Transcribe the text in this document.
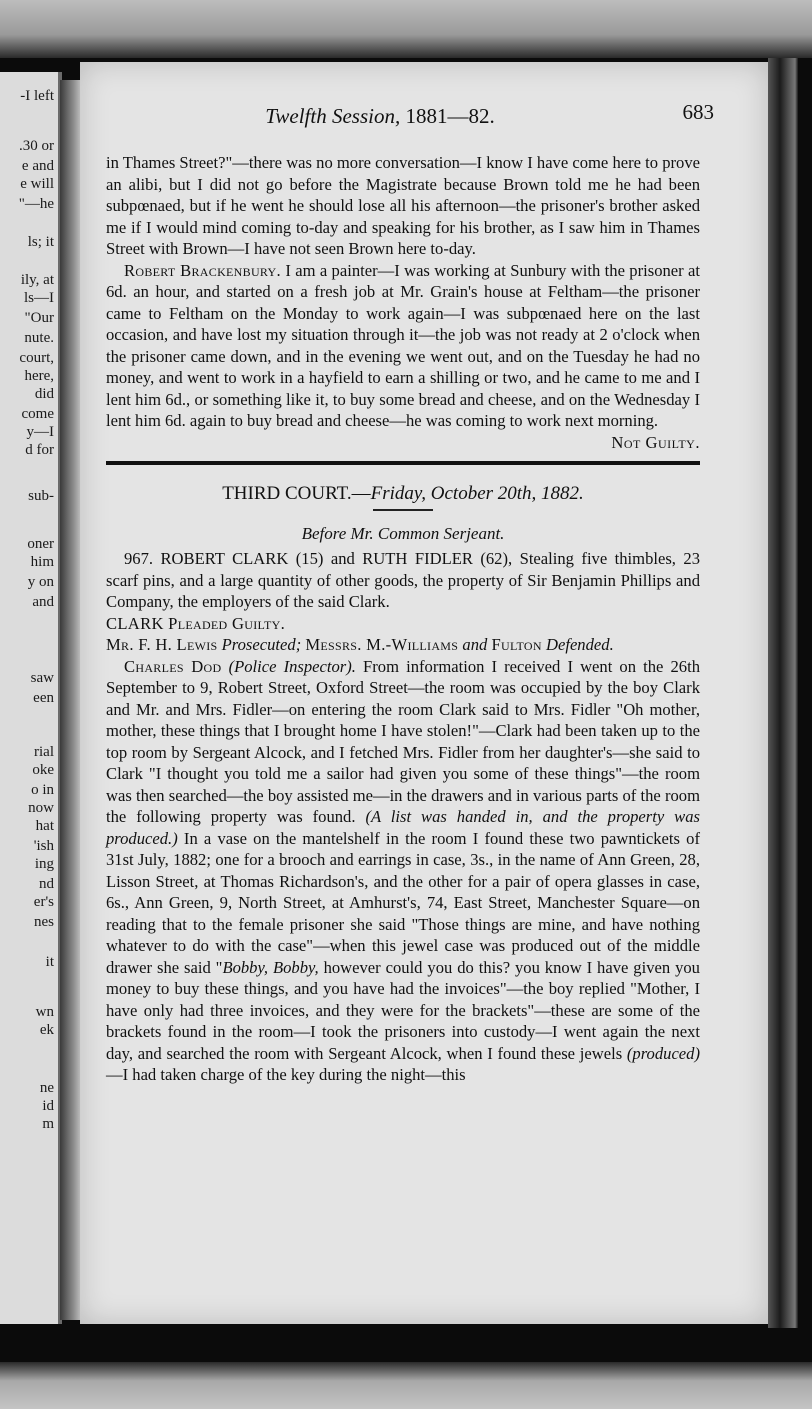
-I left
.30 or
e and
e will
"—he
ls; it
ily, at
ls—I
"Our
nute.
court,
here,
did
come
y—I
d for
sub-
oner
him
y on
and
saw
een
rial
oke
o in
now
hat
'ish
ing
nd
er's
nes
it
wn
ek
ne
id
m
Twelfth Session, 1881—82.	683

in Thames Street?"—there was no more conversation—I know I have come here to prove an alibi, but I did not go before the Magistrate because Brown told me he had been subpœnaed, but if he went he should lose all his afternoon—the prisoner's brother asked me if I would mind coming to-day and speaking for his brother, as I saw him in Thames Street with Brown—I have not seen Brown here to-day.

Robert Brackenbury. I am a painter—I was working at Sunbury with the prisoner at 6d. an hour, and started on a fresh job at Mr. Grain's house at Feltham—the prisoner came to Feltham on the Monday to work again—I was subpœnaed here on the last occasion, and have lost my situation through it—the job was not ready at 2 o'clock when the prisoner came down, and in the evening we went out, and on the Tuesday he had no money, and went to work in a hayfield to earn a shilling or two, and he came to me and I lent him 6d., or something like it, to buy some bread and cheese, and on the Wednesday I lent him 6d. again to buy bread and cheese—he was coming to work next morning.

Not Guilty.

THIRD COURT.—Friday, October 20th, 1882.
Before Mr. Common Serjeant.

967. ROBERT CLARK (15) and RUTH FIDLER (62), Stealing five thimbles, 23 scarf pins, and a large quantity of other goods, the property of Sir Benjamin Phillips and Company, the employers of the said Clark.

CLARK Pleaded Guilty.

Mr. F. H. Lewis Prosecuted; Messrs. M.-Williams and Fulton Defended.

Charles Dod (Police Inspector). From information I received I went on the 26th September to 9, Robert Street, Oxford Street—the room was occupied by the boy Clark and Mr. and Mrs. Fidler—on entering the room Clark said to Mrs. Fidler "Oh mother, mother, these things that I brought home I have stolen!"—Clark had been taken up to the top room by Sergeant Alcock, and I fetched Mrs. Fidler from her daughter's—she said to Clark "I thought you told me a sailor had given you some of these things"—the room was then searched—the boy assisted me—in the drawers and in various parts of the room the following property was found. (A list was handed in, and the property was produced.) In a vase on the mantelshelf in the room I found these two pawntickets of 31st July, 1882; one for a brooch and earrings in case, 3s., in the name of Ann Green, 28, Lisson Street, at Thomas Richardson's, and the other for a pair of opera glasses in case, 6s., Ann Green, 9, North Street, at Amhurst's, 74, East Street, Manchester Square—on reading that to the female prisoner she said "Those things are mine, and have nothing whatever to do with the case"—when this jewel case was produced out of the middle drawer she said "Bobby, Bobby, however could you do this? you know I have given you money to buy these things, and you have had the invoices"—the boy replied "Mother, I have only had three invoices, and they were for the brackets"—these are some of the brackets found in the room—I took the prisoners into custody—I went again the next day, and searched the room with Sergeant Alcock, when I found these jewels (produced)—I had taken charge of the key during the night—this
